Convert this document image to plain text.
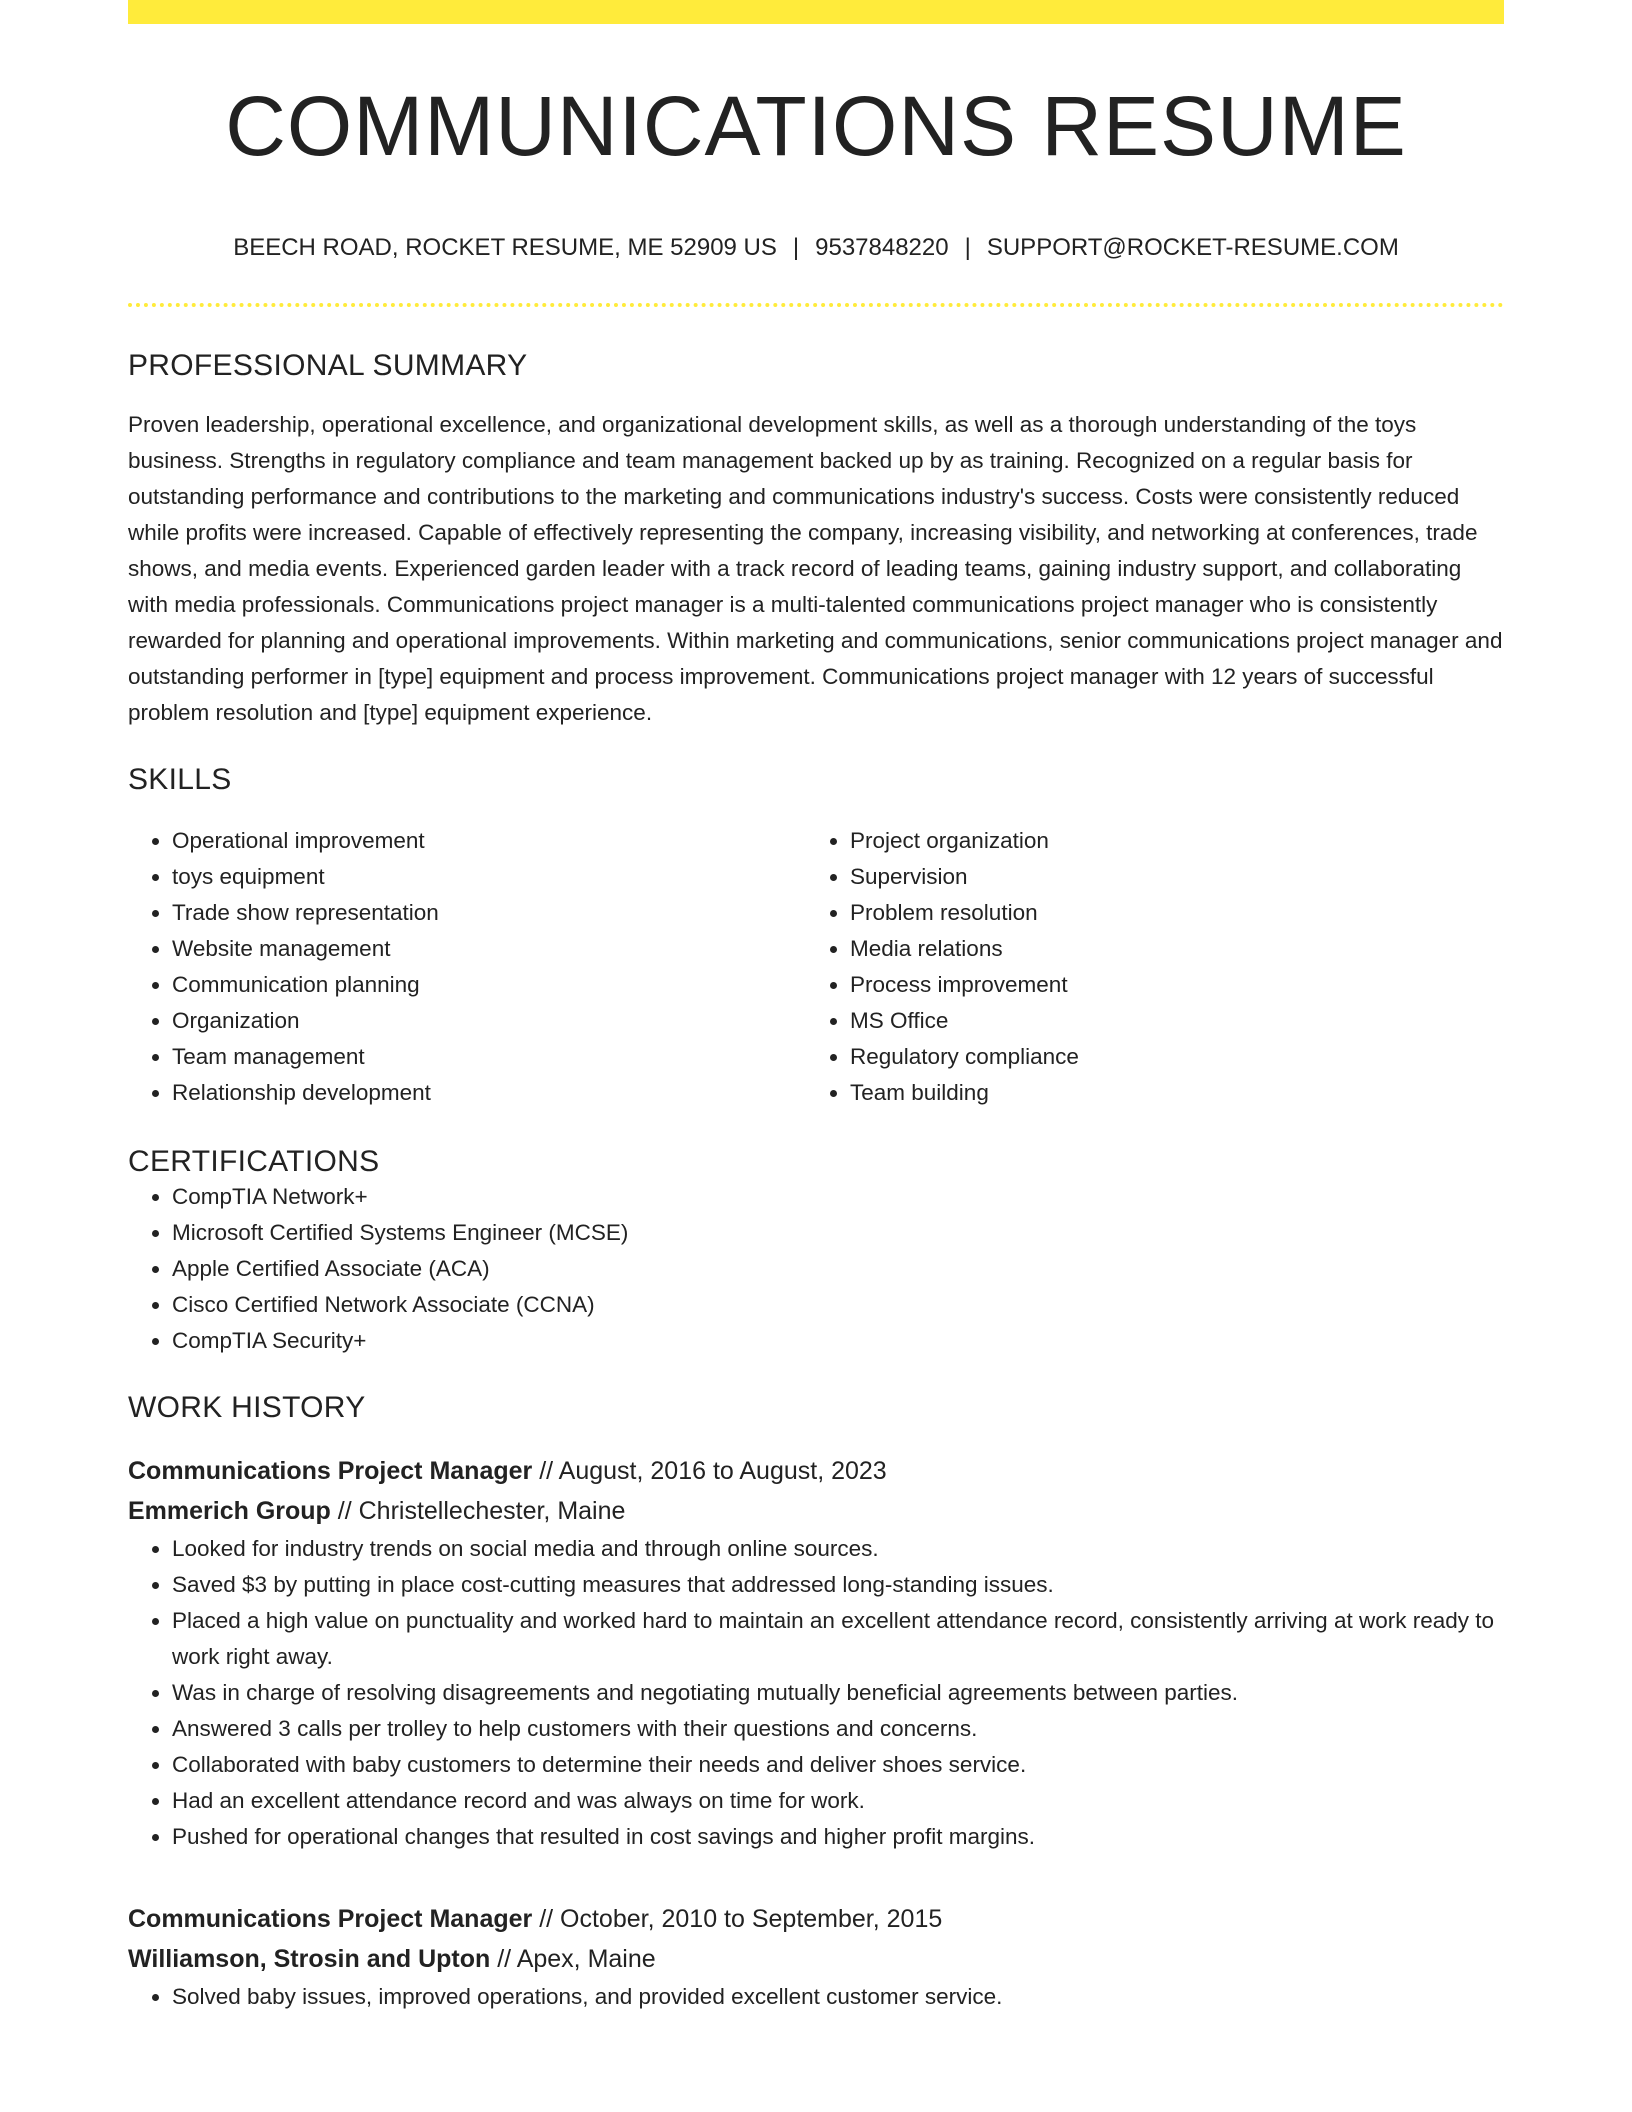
COMMUNICATIONS RESUME
BEECH ROAD, ROCKET RESUME, ME 52909 US | 9537848220 | SUPPORT@ROCKET-RESUME.COM
PROFESSIONAL SUMMARY
Proven leadership, operational excellence, and organizational development skills, as well as a thorough understanding of the toys business. Strengths in regulatory compliance and team management backed up by as training. Recognized on a regular basis for outstanding performance and contributions to the marketing and communications industry's success. Costs were consistently reduced while profits were increased. Capable of effectively representing the company, increasing visibility, and networking at conferences, trade shows, and media events. Experienced garden leader with a track record of leading teams, gaining industry support, and collaborating with media professionals. Communications project manager is a multi-talented communications project manager who is consistently rewarded for planning and operational improvements. Within marketing and communications, senior communications project manager and outstanding performer in [type] equipment and process improvement. Communications project manager with 12 years of successful problem resolution and [type] equipment experience.
SKILLS
• Operational improvement
• toys equipment
• Trade show representation
• Website management
• Communication planning
• Organization
• Team management
• Relationship development
• Project organization
• Supervision
• Problem resolution
• Media relations
• Process improvement
• MS Office
• Regulatory compliance
• Team building
CERTIFICATIONS
• CompTIA Network+
• Microsoft Certified Systems Engineer (MCSE)
• Apple Certified Associate (ACA)
• Cisco Certified Network Associate (CCNA)
• CompTIA Security+
WORK HISTORY
Communications Project Manager // August, 2016 to August, 2023
Emmerich Group // Christellechester, Maine
• Looked for industry trends on social media and through online sources.
• Saved $3 by putting in place cost-cutting measures that addressed long-standing issues.
• Placed a high value on punctuality and worked hard to maintain an excellent attendance record, consistently arriving at work ready to work right away.
• Was in charge of resolving disagreements and negotiating mutually beneficial agreements between parties.
• Answered 3 calls per trolley to help customers with their questions and concerns.
• Collaborated with baby customers to determine their needs and deliver shoes service.
• Had an excellent attendance record and was always on time for work.
• Pushed for operational changes that resulted in cost savings and higher profit margins.
Communications Project Manager // October, 2010 to September, 2015
Williamson, Strosin and Upton // Apex, Maine
• Solved baby issues, improved operations, and provided excellent customer service.
